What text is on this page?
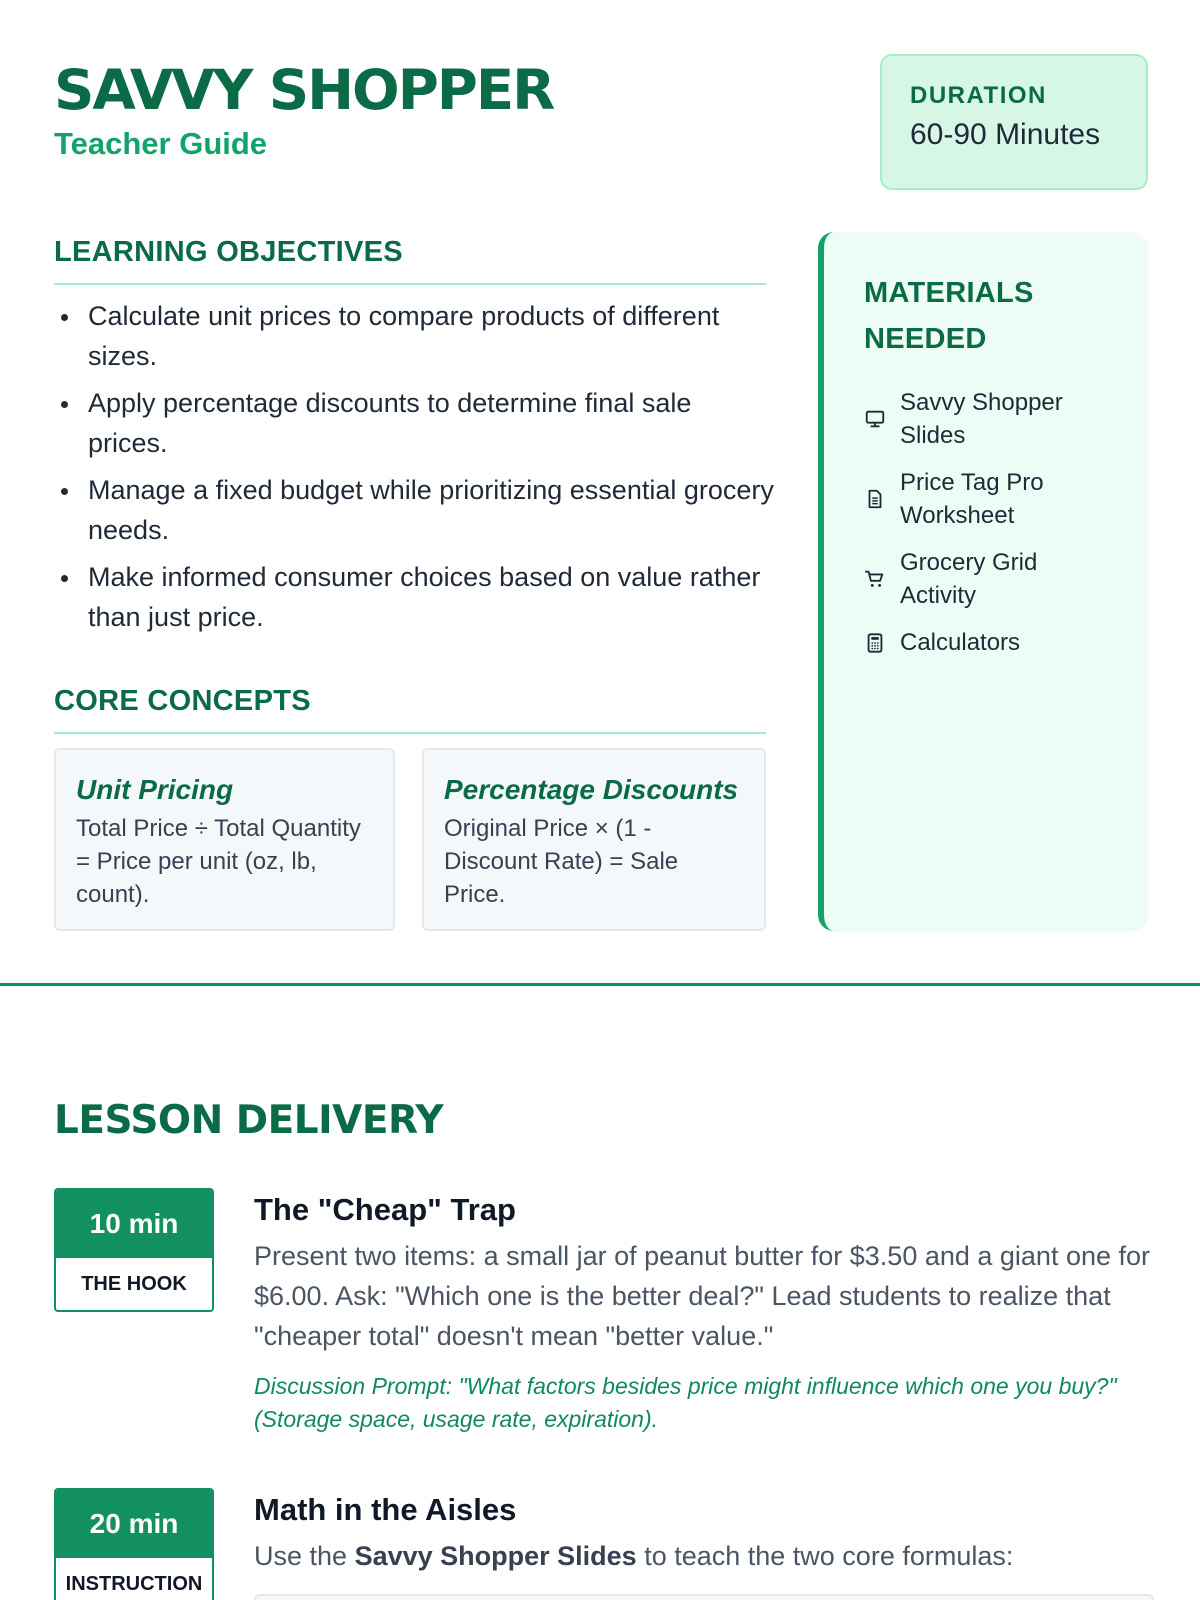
SAVVY SHOPPER
Teacher Guide
DURATION
60-90 Minutes
LEARNING OBJECTIVES
Calculate unit prices to compare products of different sizes.
Apply percentage discounts to determine final sale prices.
Manage a fixed budget while prioritizing essential grocery needs.
Make informed consumer choices based on value rather than just price.
CORE CONCEPTS
Unit Pricing
Total Price ÷ Total Quantity = Price per unit (oz, lb, count).
Percentage Discounts
Original Price × (1 - Discount Rate) = Sale Price.
MATERIALS NEEDED
Savvy Shopper Slides
Price Tag Pro Worksheet
Grocery Grid Activity
Calculators
LESSON DELIVERY
10 min
THE HOOK
The "Cheap" Trap
Present two items: a small jar of peanut butter for $3.50 and a giant one for $6.00. Ask: "Which one is the better deal?" Lead students to realize that "cheaper total" doesn't mean "better value."
Discussion Prompt: "What factors besides price might influence which one you buy?" (Storage space, usage rate, expiration).
20 min
INSTRUCTION
Math in the Aisles
Use the Savvy Shopper Slides to teach the two core formulas:
